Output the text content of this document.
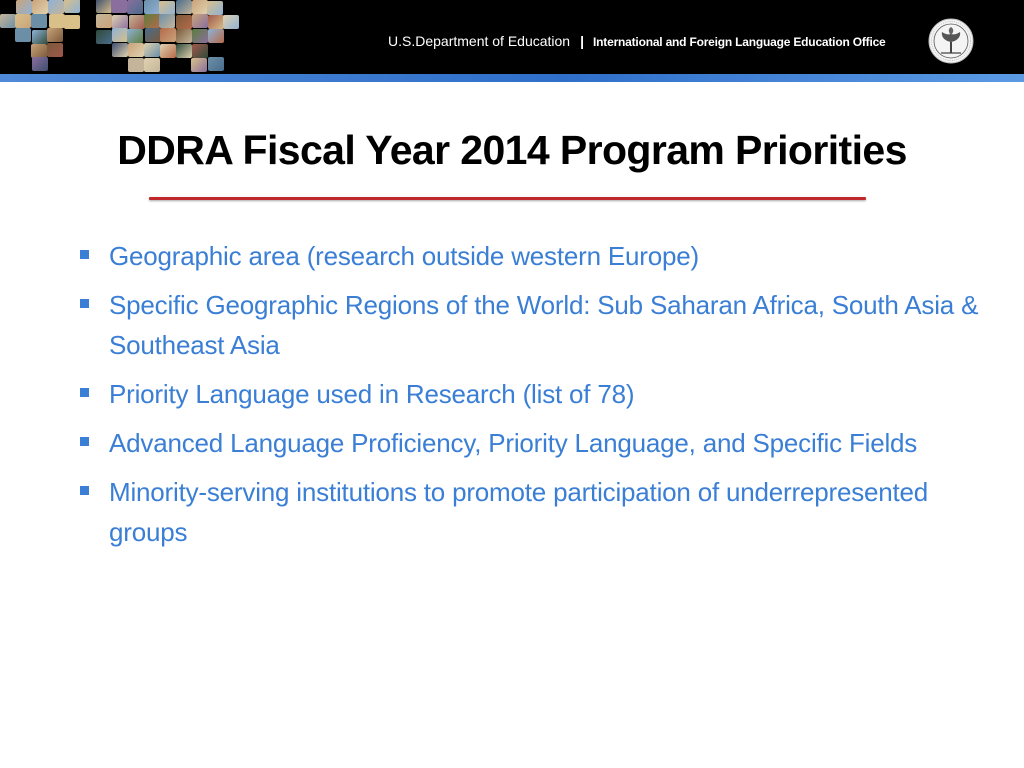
U.S.Department of Education | International and Foreign Language Education Office
DDRA Fiscal Year 2014 Program Priorities
Geographic area (research outside western Europe)
Specific Geographic Regions of the World: Sub Saharan Africa, South Asia & Southeast Asia
Priority Language used in Research (list of 78)
Advanced Language Proficiency, Priority Language, and Specific Fields
Minority-serving institutions to promote participation of underrepresented groups
